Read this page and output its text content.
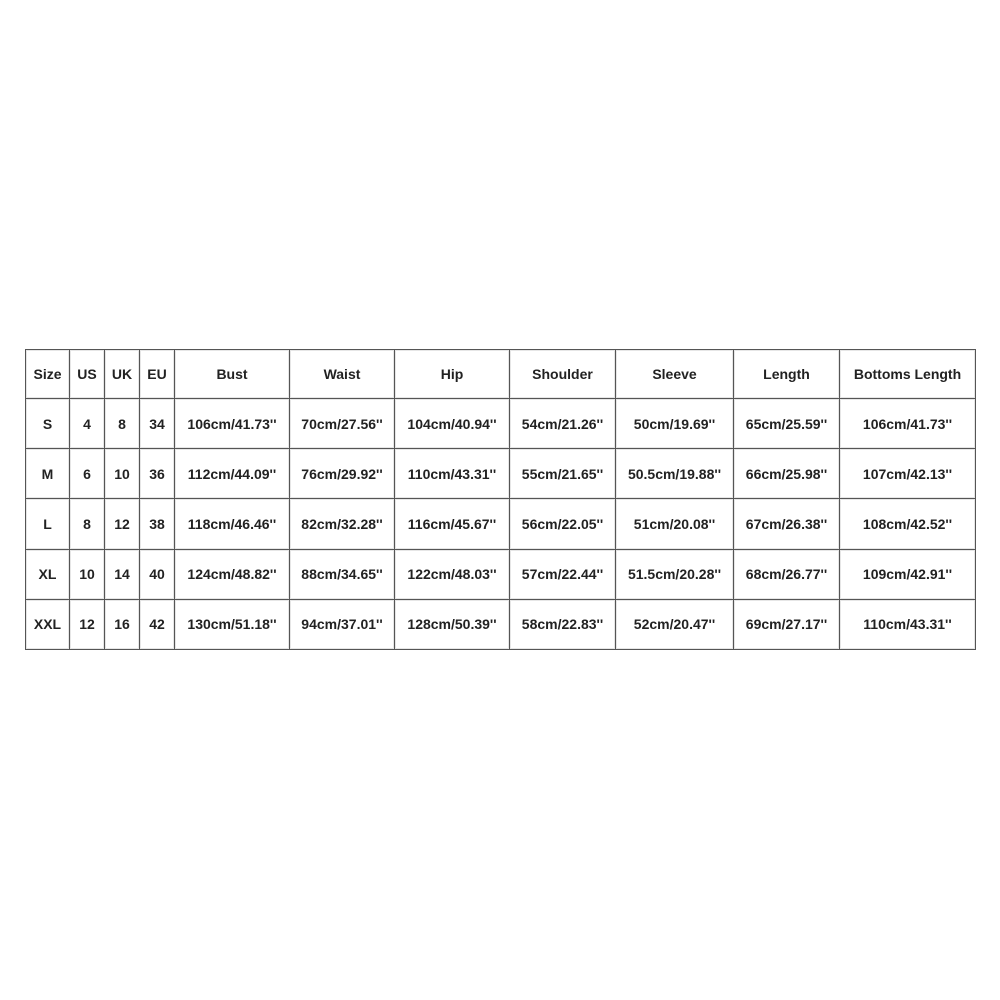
Size	US	UK	EU	Bust	Waist	Hip	Shoulder	Sleeve	Length	Bottoms Length
S	4	8	34	106cm/41.73''	70cm/27.56''	104cm/40.94''	54cm/21.26''	50cm/19.69''	65cm/25.59''	106cm/41.73''
M	6	10	36	112cm/44.09''	76cm/29.92''	110cm/43.31''	55cm/21.65''	50.5cm/19.88''	66cm/25.98''	107cm/42.13''
L	8	12	38	118cm/46.46''	82cm/32.28''	116cm/45.67''	56cm/22.05''	51cm/20.08''	67cm/26.38''	108cm/42.52''
XL	10	14	40	124cm/48.82''	88cm/34.65''	122cm/48.03''	57cm/22.44''	51.5cm/20.28''	68cm/26.77''	109cm/42.91''
XXL	12	16	42	130cm/51.18''	94cm/37.01''	128cm/50.39''	58cm/22.83''	52cm/20.47''	69cm/27.17''	110cm/43.31''
